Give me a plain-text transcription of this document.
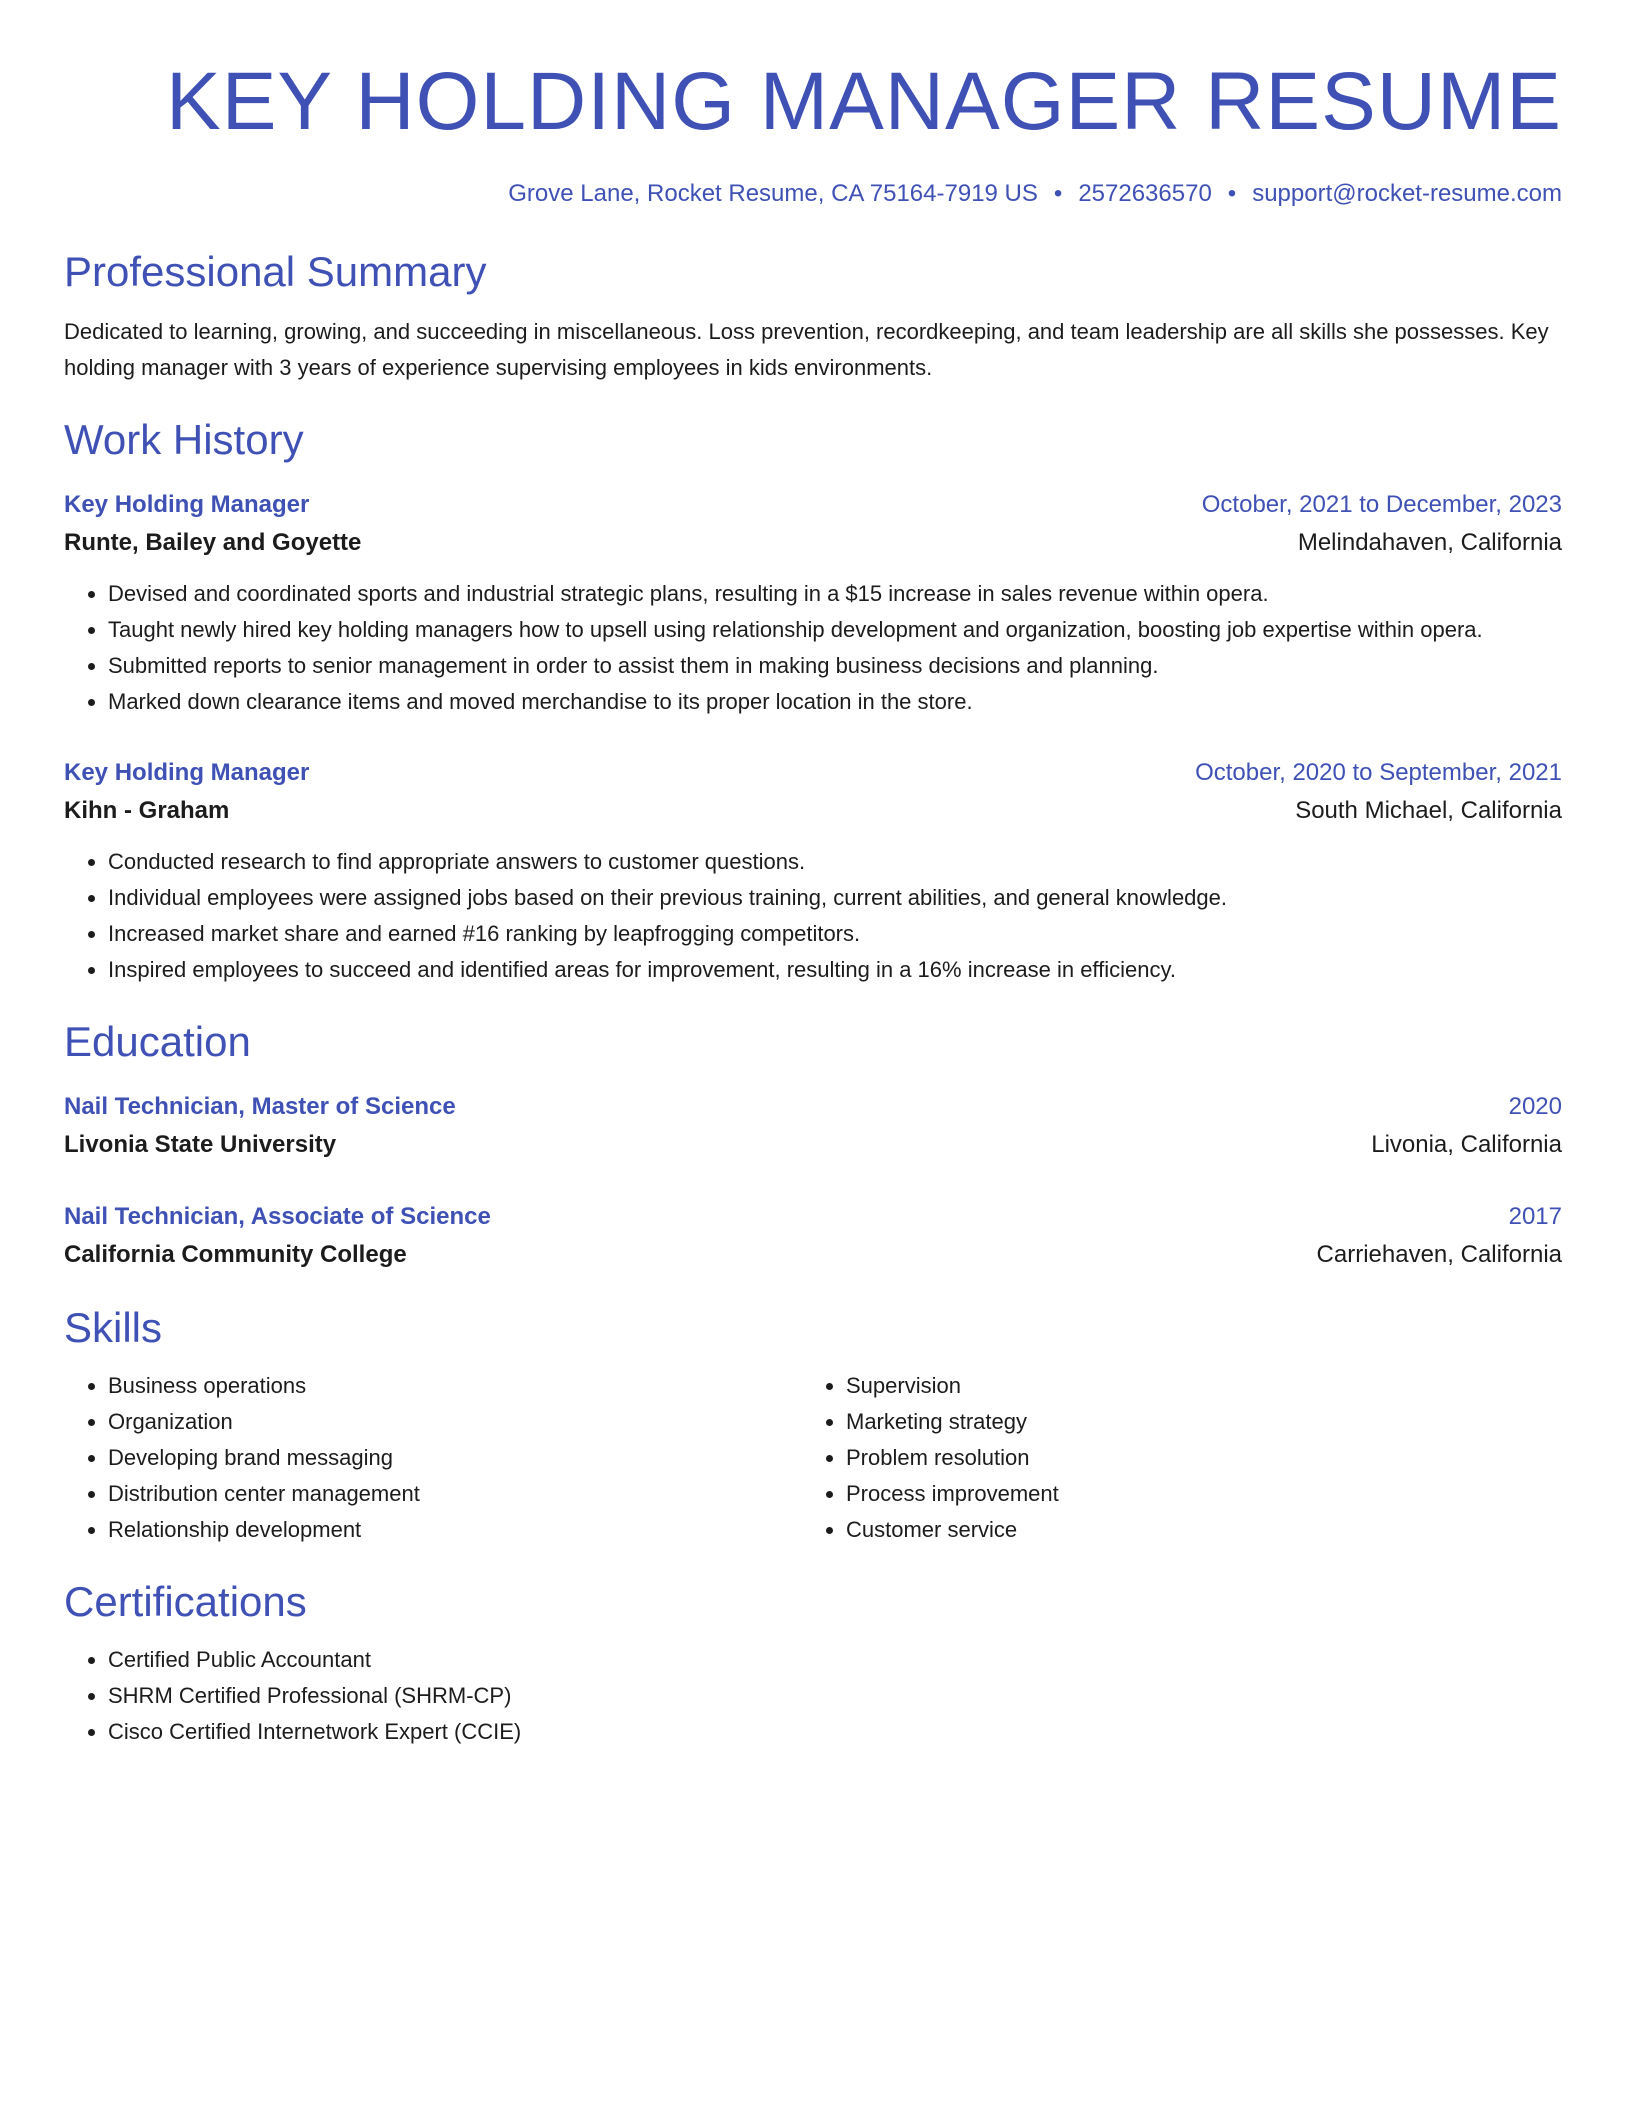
KEY HOLDING MANAGER RESUME
Grove Lane, Rocket Resume, CA 75164-7919 US • 2572636570 • support@rocket-resume.com
Professional Summary
Dedicated to learning, growing, and succeeding in miscellaneous. Loss prevention, recordkeeping, and team leadership are all skills she possesses. Key holding manager with 3 years of experience supervising employees in kids environments.
Work History
Key Holding Manager	October, 2021 to December, 2023
Runte, Bailey and Goyette	Melindahaven, California
• Devised and coordinated sports and industrial strategic plans, resulting in a $15 increase in sales revenue within opera.
• Taught newly hired key holding managers how to upsell using relationship development and organization, boosting job expertise within opera.
• Submitted reports to senior management in order to assist them in making business decisions and planning.
• Marked down clearance items and moved merchandise to its proper location in the store.
Key Holding Manager	October, 2020 to September, 2021
Kihn - Graham	South Michael, California
• Conducted research to find appropriate answers to customer questions.
• Individual employees were assigned jobs based on their previous training, current abilities, and general knowledge.
• Increased market share and earned #16 ranking by leapfrogging competitors.
• Inspired employees to succeed and identified areas for improvement, resulting in a 16% increase in efficiency.
Education
Nail Technician, Master of Science	2020
Livonia State University	Livonia, California
Nail Technician, Associate of Science	2017
California Community College	Carriehaven, California
Skills
• Business operations
• Organization
• Developing brand messaging
• Distribution center management
• Relationship development
• Supervision
• Marketing strategy
• Problem resolution
• Process improvement
• Customer service
Certifications
• Certified Public Accountant
• SHRM Certified Professional (SHRM-CP)
• Cisco Certified Internetwork Expert (CCIE)
